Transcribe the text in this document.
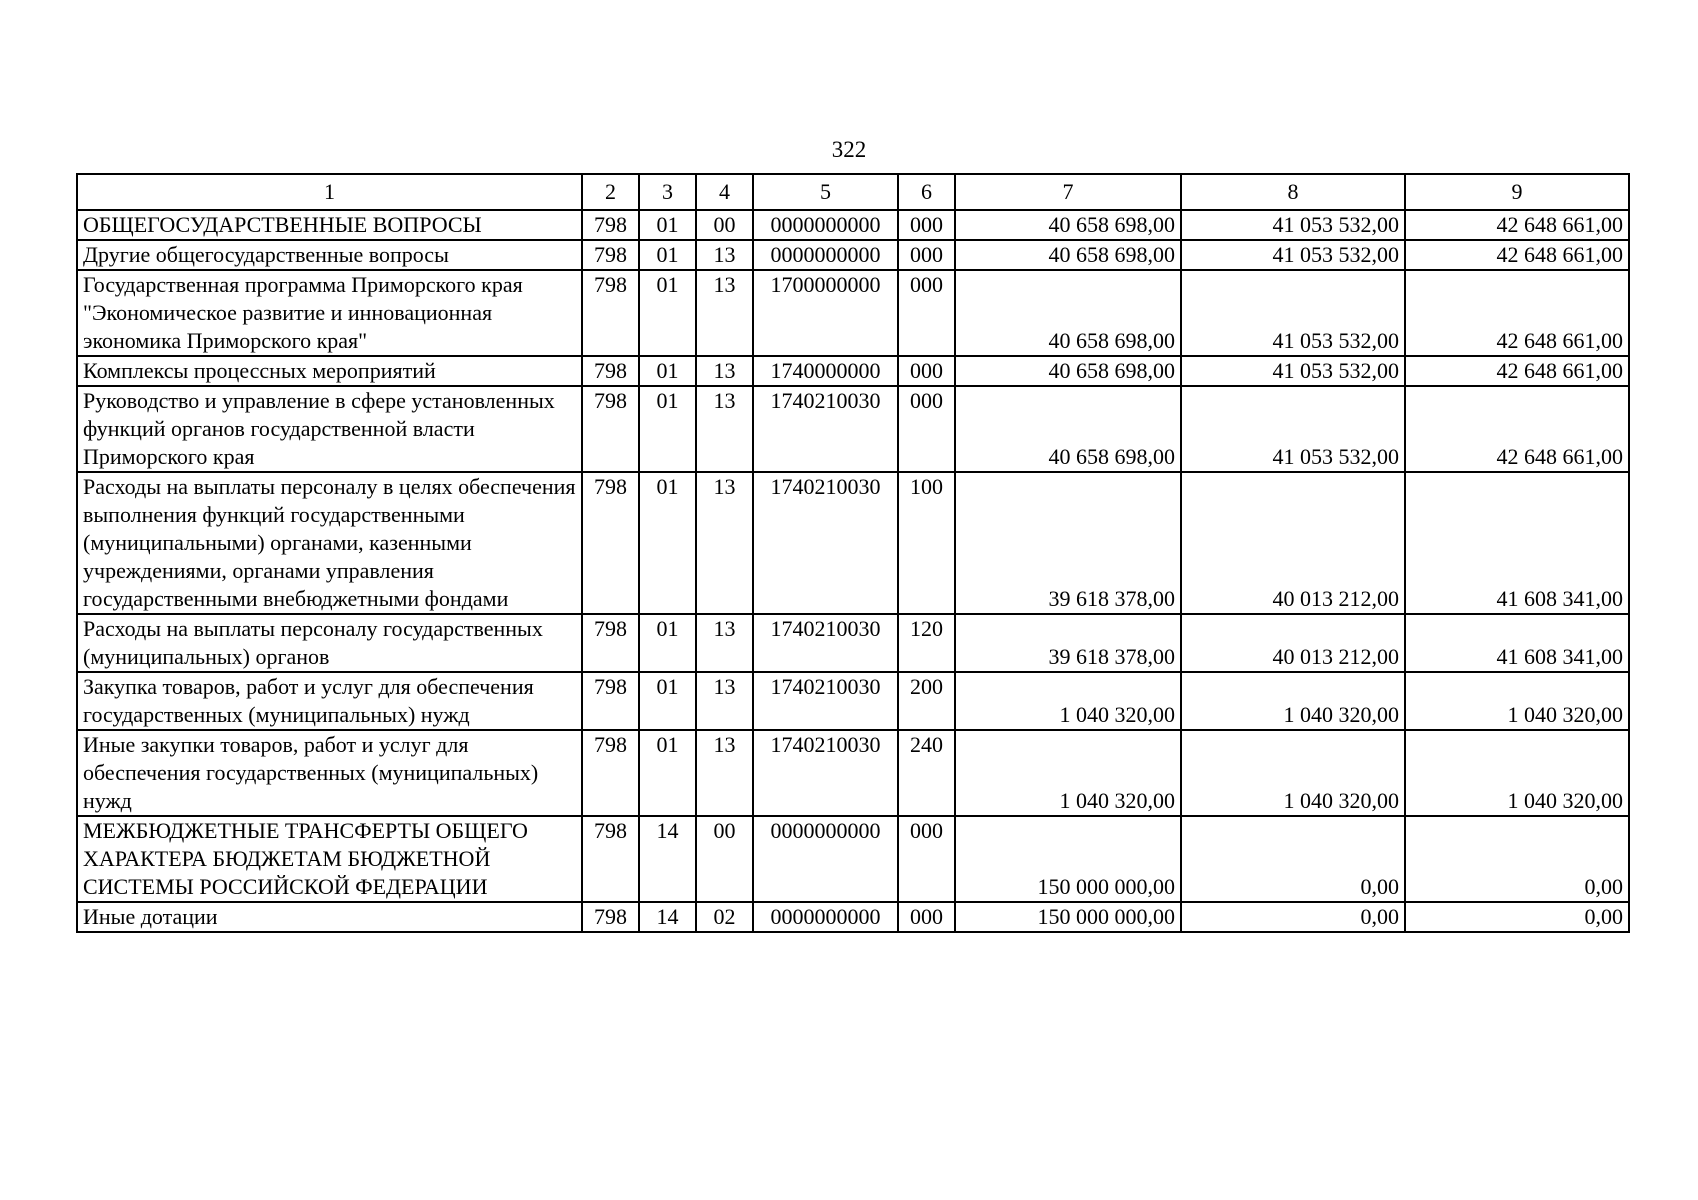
322
1	2	3	4	5	6	7	8	9
ОБЩЕГОСУДАРСТВЕННЫЕ ВОПРОСЫ	798	01	00	0000000000	000	40 658 698,00	41 053 532,00	42 648 661,00
Другие общегосударственные вопросы	798	01	13	0000000000	000	40 658 698,00	41 053 532,00	42 648 661,00
Государственная программа Приморского края "Экономическое развитие и инновационная экономика Приморского края"	798	01	13	1700000000	000	40 658 698,00	41 053 532,00	42 648 661,00
Комплексы процессных мероприятий	798	01	13	1740000000	000	40 658 698,00	41 053 532,00	42 648 661,00
Руководство и управление в сфере установленных функций органов государственной власти Приморского края	798	01	13	1740210030	000	40 658 698,00	41 053 532,00	42 648 661,00
Расходы на выплаты персоналу в целях обеспечения выполнения функций государственными (муниципальными) органами, казенными учреждениями, органами управления государственными внебюджетными фондами	798	01	13	1740210030	100	39 618 378,00	40 013 212,00	41 608 341,00
Расходы на выплаты персоналу государственных (муниципальных) органов	798	01	13	1740210030	120	39 618 378,00	40 013 212,00	41 608 341,00
Закупка товаров, работ и услуг для обеспечения государственных (муниципальных) нужд	798	01	13	1740210030	200	1 040 320,00	1 040 320,00	1 040 320,00
Иные закупки товаров, работ и услуг для обеспечения государственных (муниципальных) нужд	798	01	13	1740210030	240	1 040 320,00	1 040 320,00	1 040 320,00
МЕЖБЮДЖЕТНЫЕ ТРАНСФЕРТЫ ОБЩЕГО ХАРАКТЕРА БЮДЖЕТАМ БЮДЖЕТНОЙ СИСТЕМЫ РОССИЙСКОЙ ФЕДЕРАЦИИ	798	14	00	0000000000	000	150 000 000,00	0,00	0,00
Иные дотации	798	14	02	0000000000	000	150 000 000,00	0,00	0,00
